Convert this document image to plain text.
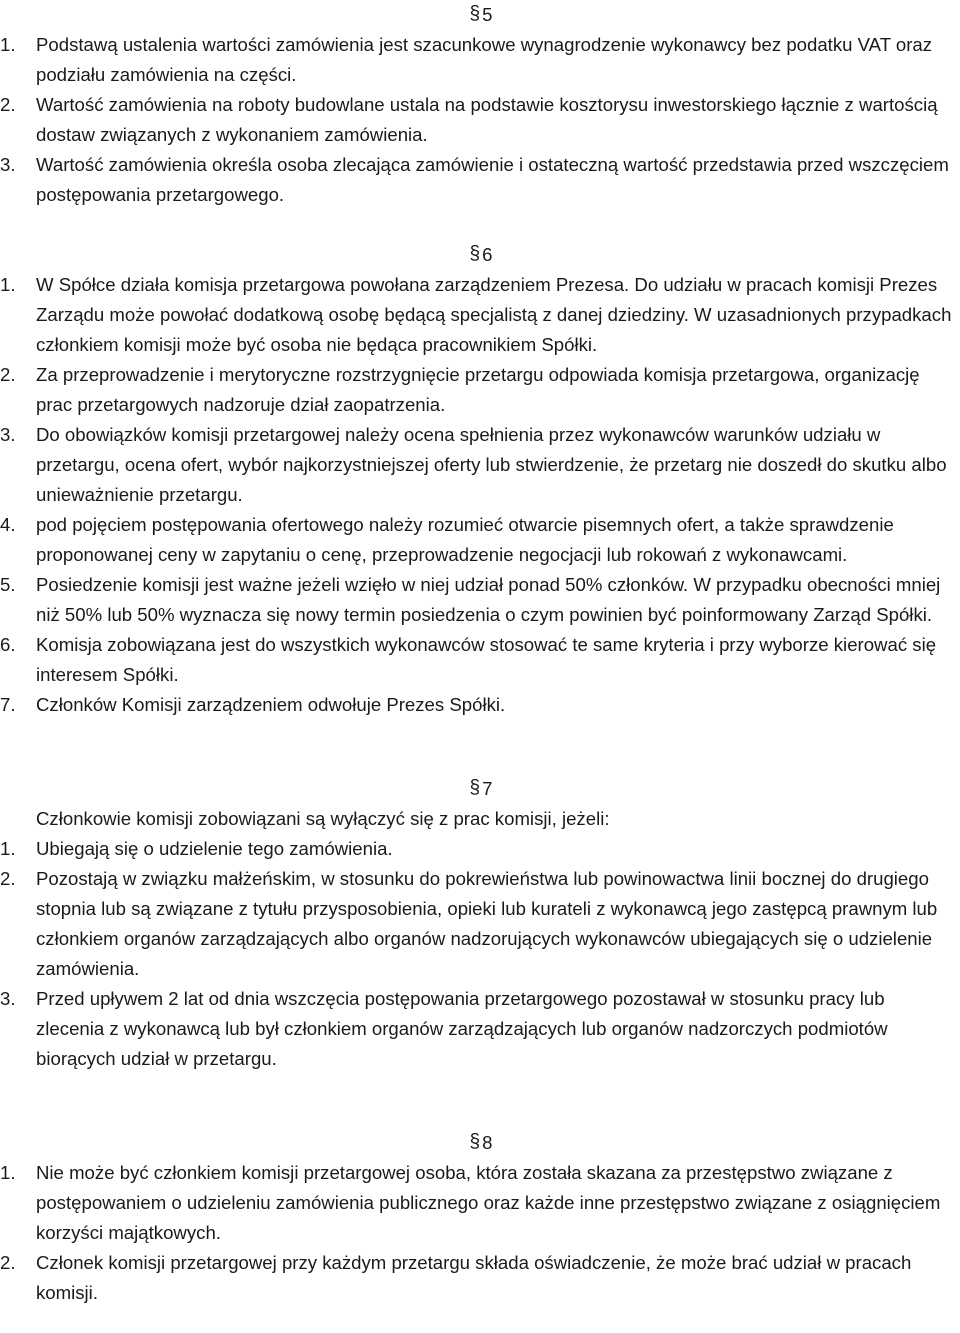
§ 5
1.	Podstawą ustalenia wartości zamówienia jest szacunkowe wynagrodzenie wykonawcy bez podatku VAT oraz podziału zamówienia na części.
2.	Wartość zamówienia na roboty budowlane ustala na podstawie kosztorysu inwestorskiego łącznie z wartością dostaw związanych z wykonaniem zamówienia.
3.	Wartość zamówienia określa osoba zlecająca zamówienie i ostateczną wartość przedstawia przed wszczęciem postępowania przetargowego.
§ 6
1.	W Spółce działa komisja przetargowa powołana zarządzeniem Prezesa. Do udziału w pracach komisji Prezes Zarządu może powołać dodatkową osobę będącą specjalistą z danej dziedziny. W uzasadnionych przypadkach członkiem komisji może być osoba nie będąca pracownikiem Spółki.
2.	Za przeprowadzenie i merytoryczne rozstrzygnięcie przetargu odpowiada komisja przetargowa, organizację prac przetargowych nadzoruje dział zaopatrzenia.
3.	Do obowiązków komisji przetargowej należy ocena spełnienia przez wykonawców warunków udziału w przetargu, ocena ofert, wybór najkorzystniejszej oferty lub stwierdzenie, że przetarg nie doszedł do skutku albo unieważnienie przetargu.
4.	pod pojęciem postępowania ofertowego należy rozumieć otwarcie pisemnych ofert, a także sprawdzenie proponowanej ceny w zapytaniu o cenę, przeprowadzenie negocjacji lub rokowań z wykonawcami.
5.	Posiedzenie komisji jest ważne jeżeli wzięło w niej udział ponad 50% członków. W przypadku obecności mniej niż 50% lub 50% wyznacza się nowy termin posiedzenia o czym powinien być poinformowany Zarząd Spółki.
6.	Komisja zobowiązana jest do wszystkich wykonawców stosować te same kryteria i przy wyborze kierować się interesem Spółki.
7.	Członków Komisji zarządzeniem odwołuje Prezes Spółki.
§ 7
Członkowie komisji zobowiązani są wyłączyć się z prac komisji, jeżeli:
1.	Ubiegają się o udzielenie tego zamówienia.
2.	Pozostają w związku małżeńskim, w stosunku do pokrewieństwa lub powinowactwa linii bocznej do drugiego stopnia lub są związane z tytułu przysposobienia, opieki lub kurateli z wykonawcą jego zastępcą prawnym lub członkiem organów zarządzających albo organów nadzorujących wykonawców ubiegających się o udzielenie zamówienia.
3.	Przed upływem 2 lat od dnia wszczęcia postępowania przetargowego pozostawał w stosunku pracy lub zlecenia z wykonawcą lub był członkiem organów zarządzających lub organów nadzorczych podmiotów biorących udział w przetargu.
§ 8
1.	Nie może być członkiem komisji przetargowej osoba, która została skazana za przestępstwo związane z postępowaniem o udzieleniu zamówienia publicznego oraz każde inne przestępstwo związane z osiągnięciem korzyści majątkowych.
2.	Członek komisji przetargowej przy każdym przetargu składa oświadczenie, że może brać udział w pracach komisji.
